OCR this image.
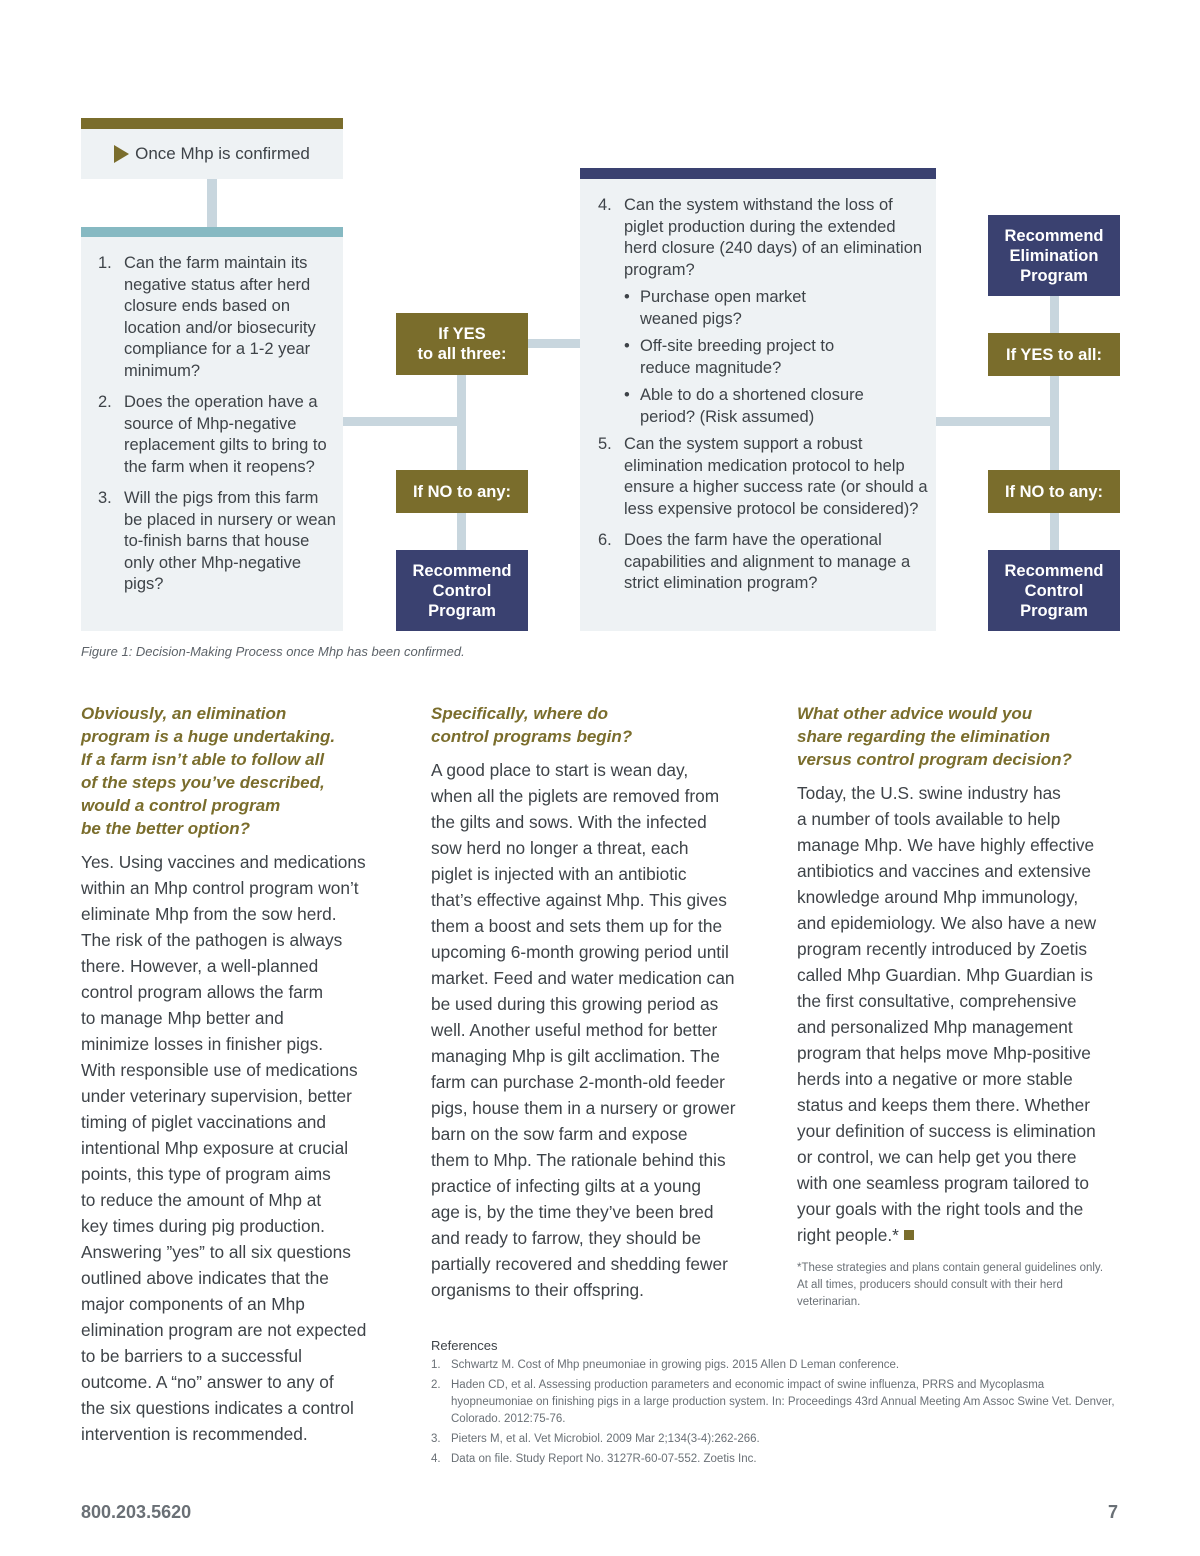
Once Mhp is confirmed
1. Can the farm maintain its negative status after herd closure ends based on location and/or biosecurity compliance for a 1-2 year minimum?
2. Does the operation have a source of Mhp-negative replacement gilts to bring to the farm when it reopens?
3. Will the pigs from this farm be placed in nursery or wean to-finish barns that house only other Mhp-negative pigs?
If YES
to all three:
If NO to any:
Recommend
Control
Program
4. Can the system withstand the loss of piglet production during the extended herd closure (240 days) of an elimination program?
• Purchase open market weaned pigs?
• Off-site breeding project to reduce magnitude?
• Able to do a shortened closure period? (Risk assumed)
5. Can the system support a robust elimination medication protocol to help ensure a higher success rate (or should a less expensive protocol be considered)?
6. Does the farm have the operational capabilities and alignment to manage a strict elimination program?
Recommend
Elimination
Program
If YES to all:
If NO to any:
Recommend
Control
Program
Figure 1: Decision-Making Process once Mhp has been confirmed.
Obviously, an elimination
program is a huge undertaking.
If a farm isn’t able to follow all
of the steps you’ve described,
would a control program
be the better option?
Yes. Using vaccines and medications
within an Mhp control program won’t
eliminate Mhp from the sow herd.
The risk of the pathogen is always
there. However, a well-planned
control program allows the farm
to manage Mhp better and
minimize losses in finisher pigs.
With responsible use of medications
under veterinary supervision, better
timing of piglet vaccinations and
intentional Mhp exposure at crucial
points, this type of program aims
to reduce the amount of Mhp at
key times during pig production.
Answering ”yes” to all six questions
outlined above indicates that the
major components of an Mhp
elimination program are not expected
to be barriers to a successful
outcome. A “no” answer to any of
the six questions indicates a control
intervention is recommended.
Specifically, where do
control programs begin?
A good place to start is wean day,
when all the piglets are removed from
the gilts and sows. With the infected
sow herd no longer a threat, each
piglet is injected with an antibiotic
that’s effective against Mhp. This gives
them a boost and sets them up for the
upcoming 6-month growing period until
market. Feed and water medication can
be used during this growing period as
well. Another useful method for better
managing Mhp is gilt acclimation. The
farm can purchase 2-month-old feeder
pigs, house them in a nursery or grower
barn on the sow farm and expose
them to Mhp. The rationale behind this
practice of infecting gilts at a young
age is, by the time they’ve been bred
and ready to farrow, they should be
partially recovered and shedding fewer
organisms to their offspring.
References
1. Schwartz M. Cost of Mhp pneumoniae in growing pigs. 2015 Allen D Leman conference.
2. Haden CD, et al. Assessing production parameters and economic impact of swine influenza, PRRS and Mycoplasma hyopneumoniae on finishing pigs in a large production system. In: Proceedings 43rd Annual Meeting Am Assoc Swine Vet. Denver, Colorado. 2012:75-76.
3. Pieters M, et al. Vet Microbiol. 2009 Mar 2;134(3-4):262-266.
4. Data on file. Study Report No. 3127R-60-07-552. Zoetis Inc.
What other advice would you
share regarding the elimination
versus control program decision?
Today, the U.S. swine industry has
a number of tools available to help
manage Mhp. We have highly effective
antibiotics and vaccines and extensive
knowledge around Mhp immunology,
and epidemiology. We also have a new
program recently introduced by Zoetis
called Mhp Guardian. Mhp Guardian is
the first consultative, comprehensive
and personalized Mhp management
program that helps move Mhp-positive
herds into a negative or more stable
status and keeps them there. Whether
your definition of success is elimination
or control, we can help get you there
with one seamless program tailored to
your goals with the right tools and the
right people.*
*These strategies and plans contain general guidelines only.
At all times, producers should consult with their herd veterinarian.
800.203.5620	7
